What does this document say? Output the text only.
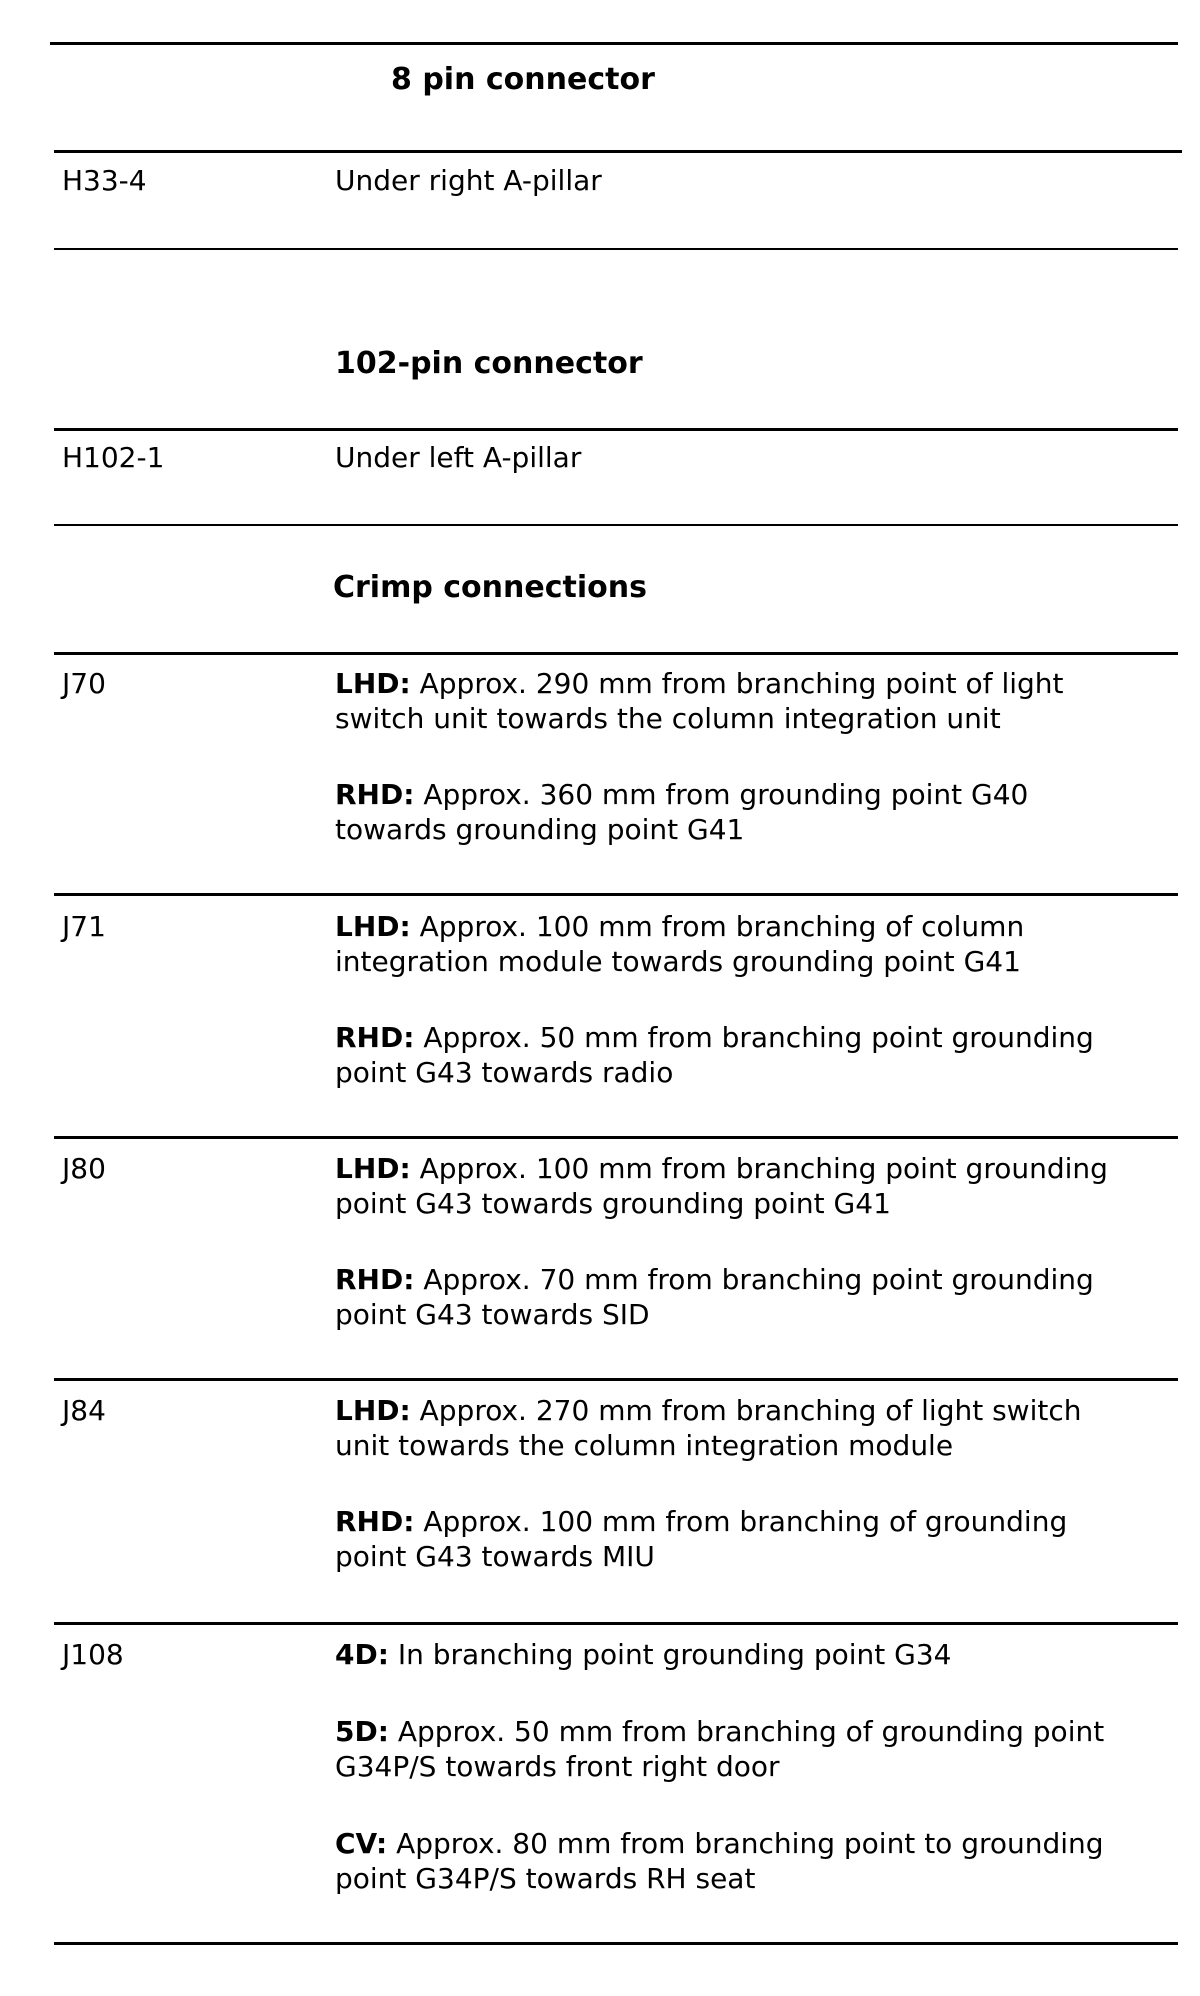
8 pin connector
H33-4	Under right A-pillar
102-pin connector
H102-1	Under left A-pillar
Crimp connections
J70	LHD: Approx. 290 mm from branching point of light
switch unit towards the column integration unit
RHD: Approx. 360 mm from grounding point G40
towards grounding point G41
J71	LHD: Approx. 100 mm from branching of column
integration module towards grounding point G41
RHD: Approx. 50 mm from branching point grounding
point G43 towards radio
J80	LHD: Approx. 100 mm from branching point grounding
point G43 towards grounding point G41
RHD: Approx. 70 mm from branching point grounding
point G43 towards SID
J84	LHD: Approx. 270 mm from branching of light switch
unit towards the column integration module
RHD: Approx. 100 mm from branching of grounding
point G43 towards MIU
J108	4D: In branching point grounding point G34
5D: Approx. 50 mm from branching of grounding point
G34P/S towards front right door
CV: Approx. 80 mm from branching point to grounding
point G34P/S towards RH seat
